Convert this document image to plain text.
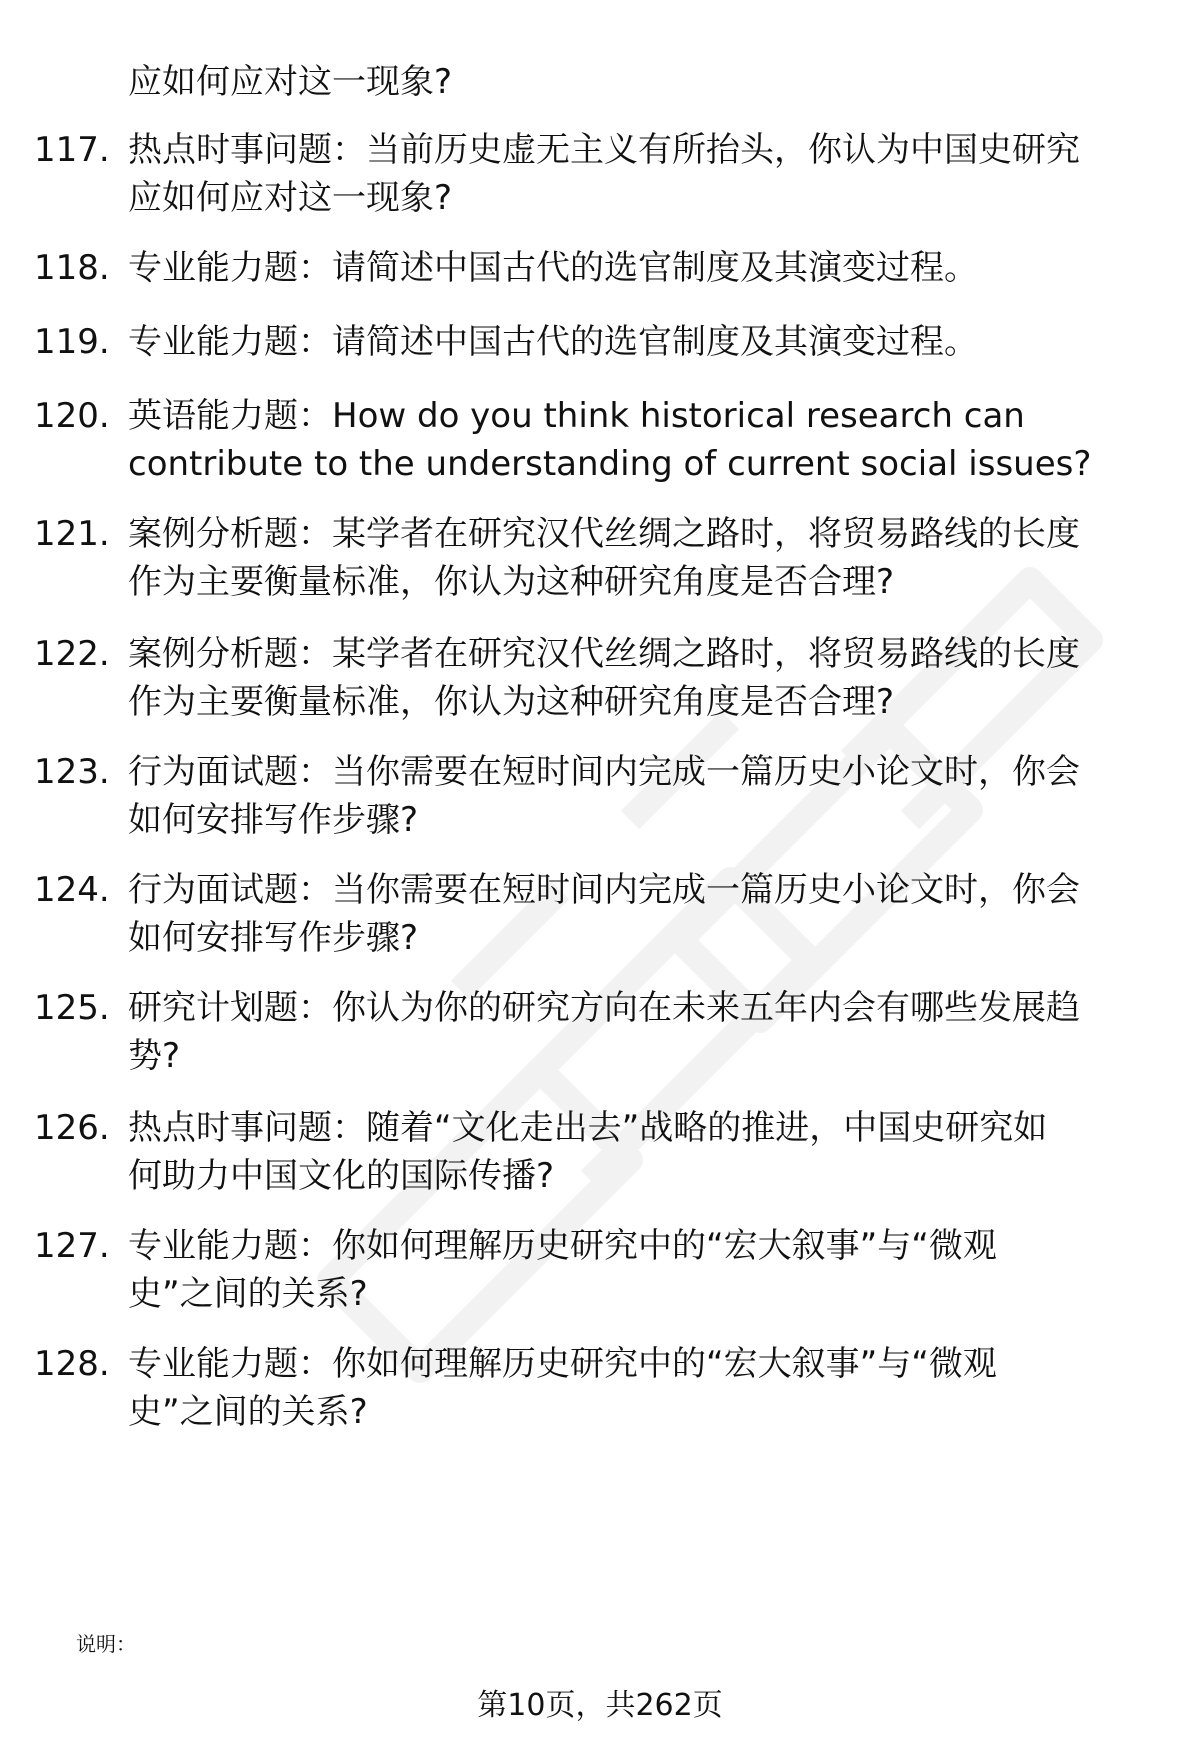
应如何应对这一现象?
117. 热点时事问题：当前历史虚无主义有所抬头，你认为中国史研究
应如何应对这一现象?
118. 专业能力题：请简述中国古代的选官制度及其演变过程。
119. 专业能力题：请简述中国古代的选官制度及其演变过程。
120. 英语能力题：How do you think historical research can
contribute to the understanding of current social issues?
121. 案例分析题：某学者在研究汉代丝绸之路时，将贸易路线的长度
作为主要衡量标准，你认为这种研究角度是否合理?
122. 案例分析题：某学者在研究汉代丝绸之路时，将贸易路线的长度
作为主要衡量标准，你认为这种研究角度是否合理?
123. 行为面试题：当你需要在短时间内完成一篇历史小论文时，你会
如何安排写作步骤?
124. 行为面试题：当你需要在短时间内完成一篇历史小论文时，你会
如何安排写作步骤?
125. 研究计划题：你认为你的研究方向在未来五年内会有哪些发展趋
势?
126. 热点时事问题：随着“文化走出去”战略的推进，中国史研究如
何助力中国文化的国际传播?
127. 专业能力题：你如何理解历史研究中的“宏大叙事”与“微观
史”之间的关系?
128. 专业能力题：你如何理解历史研究中的“宏大叙事”与“微观
史”之间的关系?
说明：
第10页，共262页
